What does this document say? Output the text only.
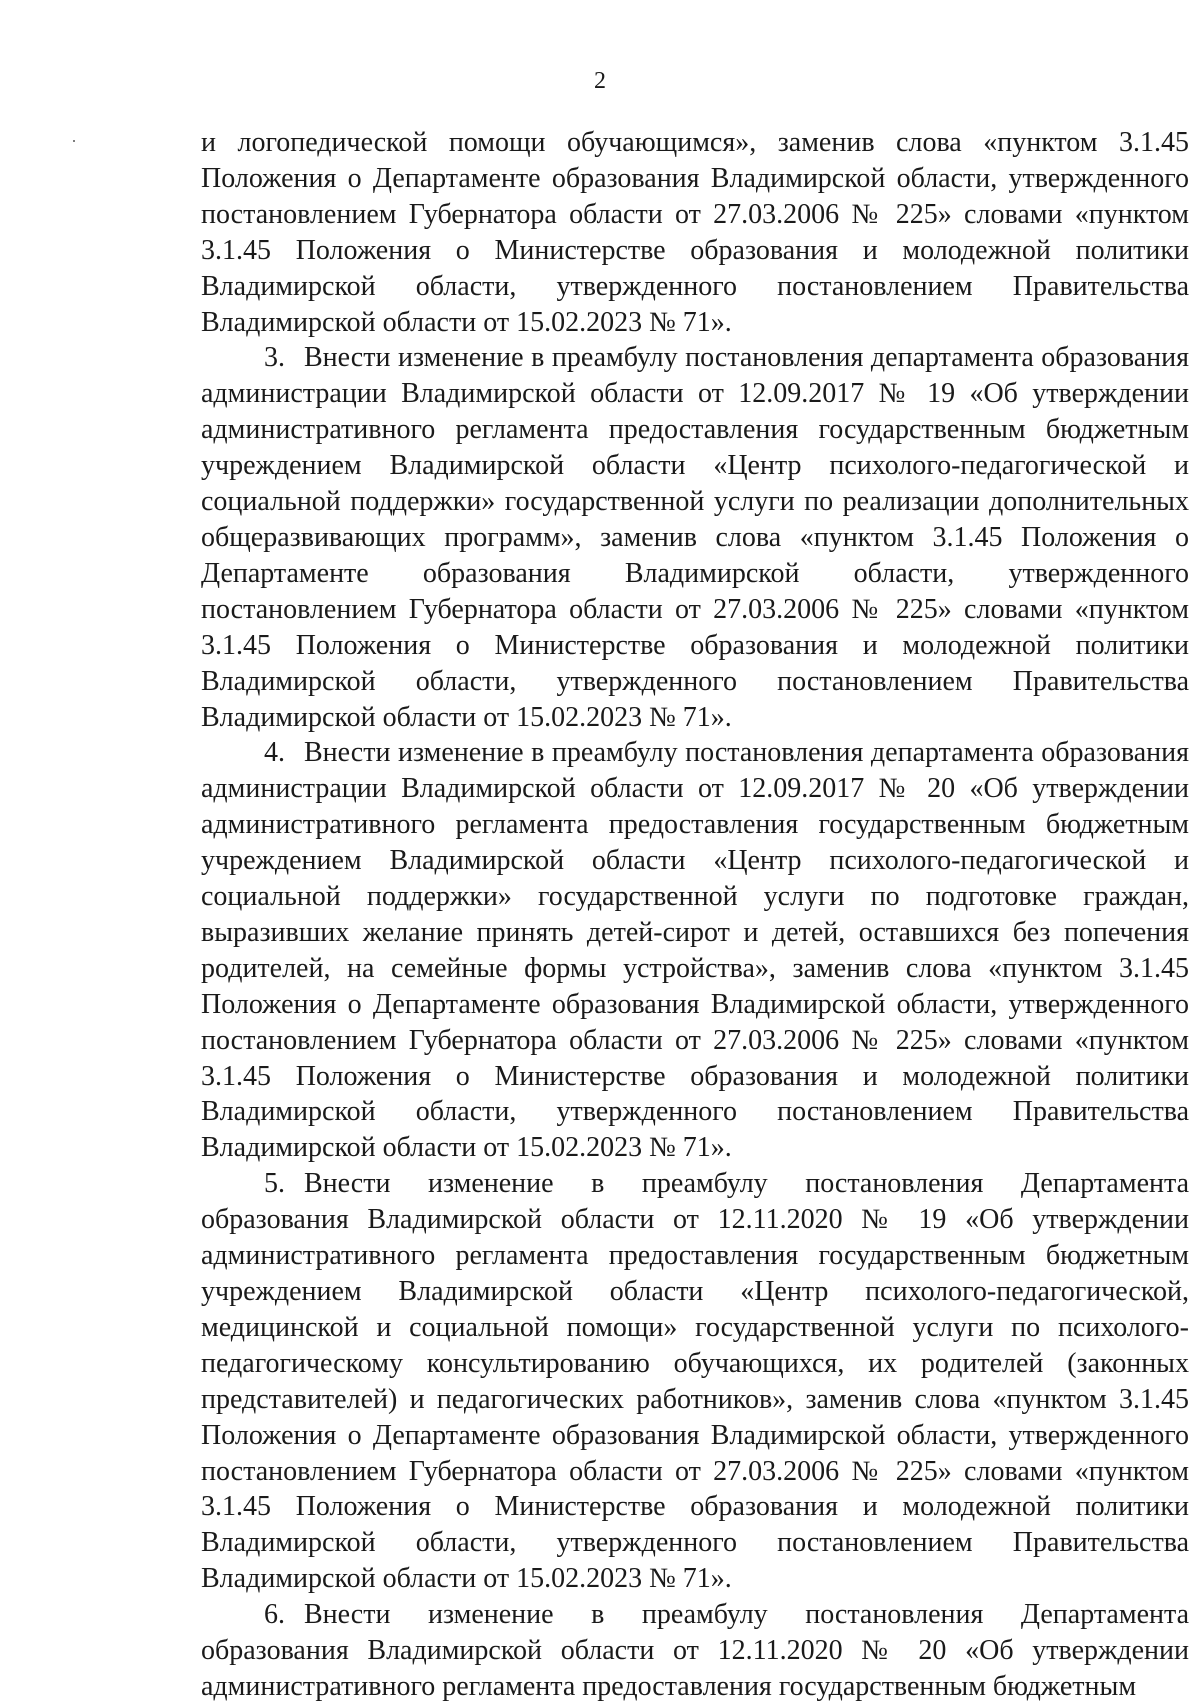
2

и логопедической помощи обучающимся», заменив слова «пунктом 3.1.45 Положения о Департаменте образования Владимирской области, утвержденного постановлением Губернатора области от 27.03.2006 № 225» словами «пунктом 3.1.45 Положения о Министерстве образования и молодежной политики Владимирской области, утвержденного постановлением Правительства Владимирской области от 15.02.2023 № 71».

3. Внести изменение в преамбулу постановления департамента образования администрации Владимирской области от 12.09.2017 № 19 «Об утверждении административного регламента предоставления государственным бюджетным учреждением Владимирской области «Центр психолого-педагогической и социальной поддержки» государственной услуги по реализации дополнительных общеразвивающих программ», заменив слова «пунктом 3.1.45 Положения о Департаменте образования Владимирской области, утвержденного постановлением Губернатора области от 27.03.2006 № 225» словами «пунктом 3.1.45 Положения о Министерстве образования и молодежной политики Владимирской области, утвержденного постановлением Правительства Владимирской области от 15.02.2023 № 71».

4. Внести изменение в преамбулу постановления департамента образования администрации Владимирской области от 12.09.2017 № 20 «Об утверждении административного регламента предоставления государственным бюджетным учреждением Владимирской области «Центр психолого-педагогической и социальной поддержки» государственной услуги по подготовке граждан, выразивших желание принять детей-сирот и детей, оставшихся без попечения родителей, на семейные формы устройства», заменив слова «пунктом 3.1.45 Положения о Департаменте образования Владимирской области, утвержденного постановлением Губернатора области от 27.03.2006 № 225» словами «пунктом 3.1.45 Положения о Министерстве образования и молодежной политики Владимирской области, утвержденного постановлением Правительства Владимирской области от 15.02.2023 № 71».

5. Внести изменение в преамбулу постановления Департамента образования Владимирской области от 12.11.2020 № 19 «Об утверждении административного регламента предоставления государственным бюджетным учреждением Владимирской области «Центр психолого-педагогической, медицинской и социальной помощи» государственной услуги по психолого-педагогическому консультированию обучающихся, их родителей (законных представителей) и педагогических работников», заменив слова «пунктом 3.1.45 Положения о Департаменте образования Владимирской области, утвержденного постановлением Губернатора области от 27.03.2006 № 225» словами «пунктом 3.1.45 Положения о Министерстве образования и молодежной политики Владимирской области, утвержденного постановлением Правительства Владимирской области от 15.02.2023 № 71».

6. Внести изменение в преамбулу постановления Департамента образования Владимирской области от 12.11.2020 № 20 «Об утверждении административного регламента предоставления государственным бюджетным
